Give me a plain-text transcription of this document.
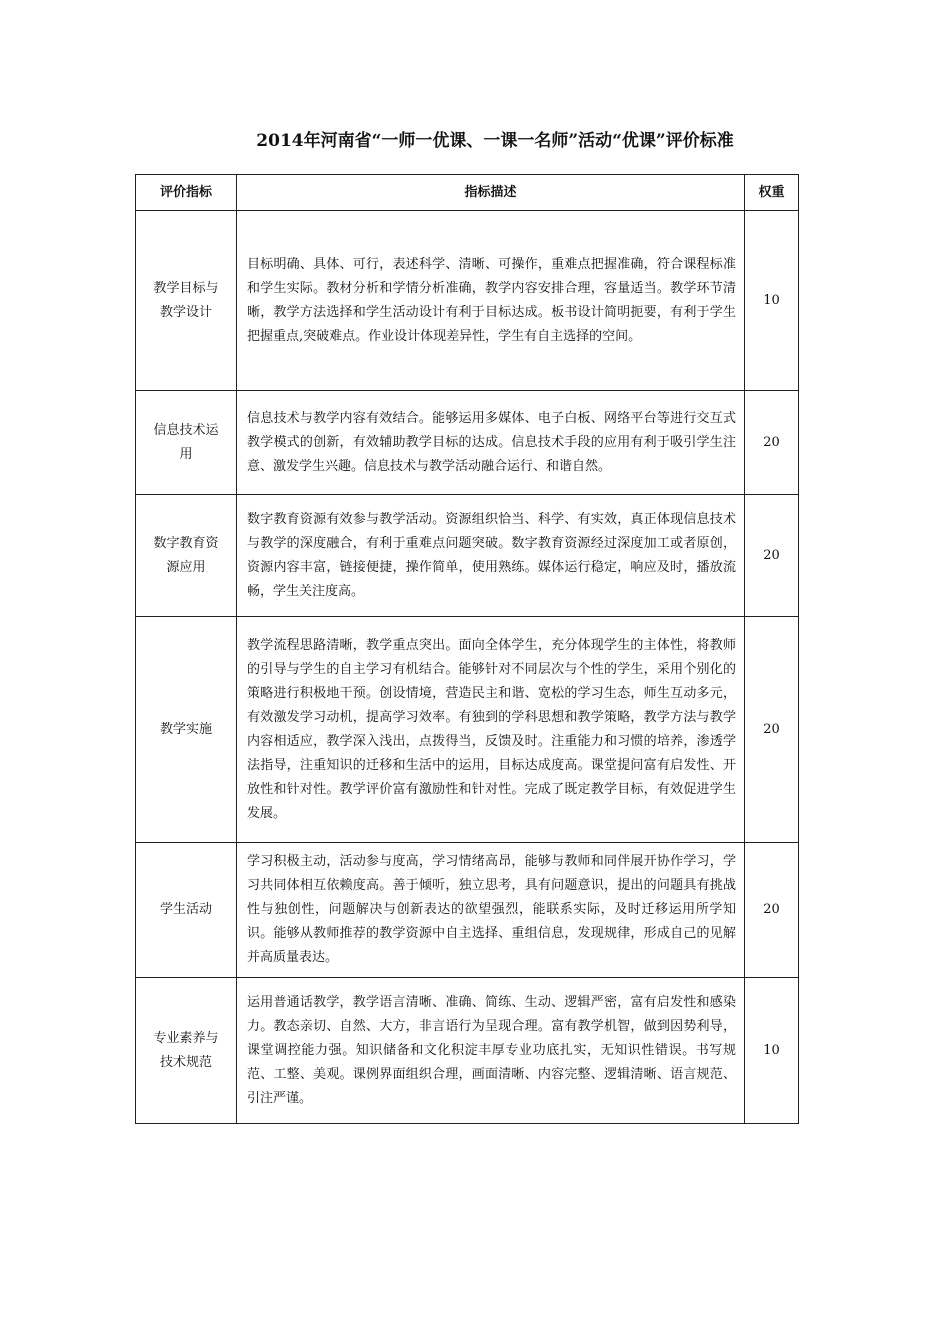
2014年河南省“一师一优课、一课一名师”活动“优课”评价标准
评价指标	指标描述	权重
教学目标与教学设计	目标明确、具体、可行，表述科学、清晰、可操作，重难点把握准确，符合课程标准和学生实际。教材分析和学情分析准确，教学内容安排合理，容量适当。教学环节清晰，教学方法选择和学生活动设计有利于目标达成。板书设计简明扼要，有利于学生把握重点,突破难点。作业设计体现差异性，学生有自主选择的空间。	10
信息技术运用	信息技术与教学内容有效结合。能够运用多媒体、电子白板、网络平台等进行交互式教学模式的创新，有效辅助教学目标的达成。信息技术手段的应用有利于吸引学生注意、激发学生兴趣。信息技术与教学活动融合运行、和谐自然。	20
数字教育资源应用	数字教育资源有效参与教学活动。资源组织恰当、科学、有实效，真正体现信息技术与教学的深度融合，有利于重难点问题突破。数字教育资源经过深度加工或者原创，资源内容丰富，链接便捷，操作简单，使用熟练。媒体运行稳定，响应及时，播放流畅，学生关注度高。	20
教学实施	教学流程思路清晰，教学重点突出。面向全体学生，充分体现学生的主体性，将教师的引导与学生的自主学习有机结合。能够针对不同层次与个性的学生，采用个别化的策略进行积极地干预。创设情境，营造民主和谐、宽松的学习生态，师生互动多元，有效激发学习动机，提高学习效率。有独到的学科思想和教学策略，教学方法与教学内容相适应，教学深入浅出，点拨得当，反馈及时。注重能力和习惯的培养，渗透学法指导，注重知识的迁移和生活中的运用，目标达成度高。课堂提问富有启发性、开放性和针对性。教学评价富有激励性和针对性。完成了既定教学目标，有效促进学生发展。	20
学生活动	学习积极主动，活动参与度高，学习情绪高昂，能够与教师和同伴展开协作学习，学习共同体相互依赖度高。善于倾听，独立思考，具有问题意识，提出的问题具有挑战性与独创性，问题解决与创新表达的欲望强烈，能联系实际，及时迁移运用所学知识。能够从教师推荐的教学资源中自主选择、重组信息，发现规律，形成自己的见解并高质量表达。	20
专业素养与技术规范	运用普通话教学，教学语言清晰、准确、简练、生动、逻辑严密，富有启发性和感染力。教态亲切、自然、大方，非言语行为呈现合理。富有教学机智，做到因势利导，课堂调控能力强。知识储备和文化积淀丰厚专业功底扎实，无知识性错误。书写规范、工整、美观。课例界面组织合理，画面清晰、内容完整、逻辑清晰、语言规范、引注严谨。	10
